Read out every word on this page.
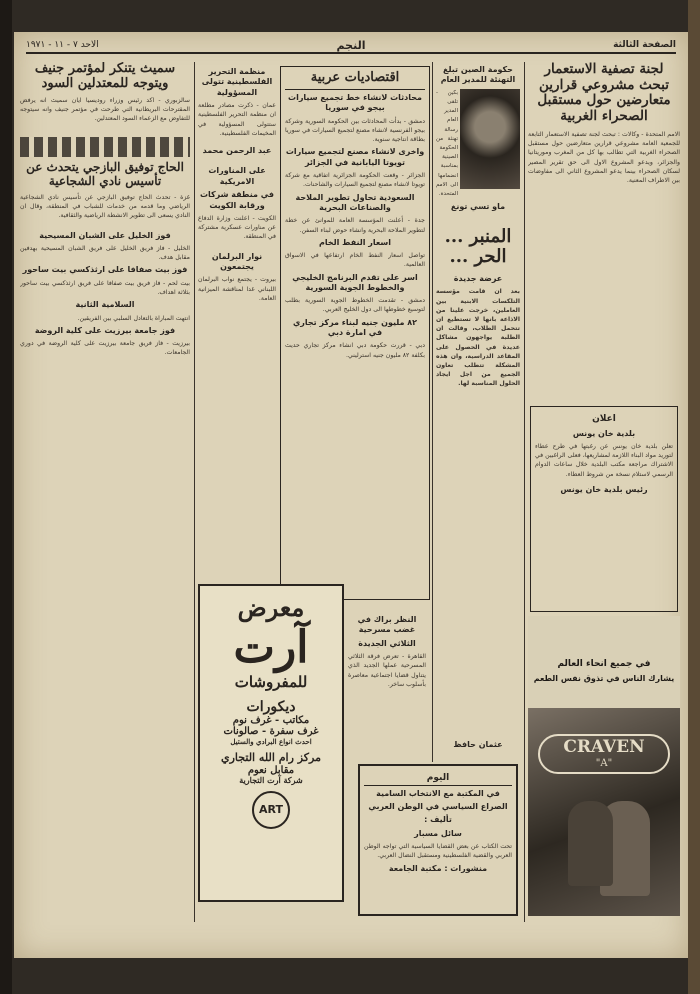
الصفحة الثالثة
النجم
الاحد ٧ - ١١ - ١٩٧١
لجنة تصفية الاستعمار تبحث مشروعي قرارين متعارضين حول مستقبل الصحراء الغربية
الامم المتحدة - وكالات : تبحث لجنة تصفية الاستعمار التابعة للجمعية العامة مشروعي قرارين متعارضين حول مستقبل الصحراء الغربية التي تطالب بها كل من المغرب وموريتانيا والجزائر، ويدعو المشروع الاول الى حق تقرير المصير لسكان الصحراء بينما يدعو المشروع الثاني الى مفاوضات بين الاطراف المعنية.
اعلان
بلدية خان يونس
تعلن بلدية خان يونس عن رغبتها في طرح عطاء لتوريد مواد البناء اللازمة لمشاريعها، فعلى الراغبين في الاشتراك مراجعة مكتب البلدية خلال ساعات الدوام الرسمي لاستلام نسخة من شروط العطاء.
رئيس بلدية خان يونس
في جميع انحاء العالم
يشارك الناس في تذوق نفس الطعم
CRAVEN
"A"
حكومة الصين تبلغ التهنئة للمدير العام
بكين - تلقى المدير العام رسالة تهنئة من الحكومة الصينية بمناسبة انضمامها الى الامم المتحدة.
ماو تسي تونغ
المنبر ... الحر ...
عرضة جديدة
بعد ان قامت مؤسسة التلكسات الابنية بين العاملين، خرجت علينا من الاذاعة بانها لا تستطيع ان تتحمل الطلاب، وقالت ان الطلبة يواجهون مشاكل عديدة في الحصول على المقاعد الدراسية، وان هذه المشكلة تتطلب تعاون الجميع من اجل ايجاد الحلول المناسبة لها.
عثمان حافظ
اقتصاديات عربية
محادثات لانشاء خط تجميع سيارات بيجو في سوريا
دمشق - بدأت المحادثات بين الحكومة السورية وشركة بيجو الفرنسية لانشاء مصنع لتجميع السيارات في سوريا بطاقة انتاجية سنوية.
واخرى لانشاء مصنع لتجميع سيارات تويوتا الیابانية في الجزائر
الجزائر - وقعت الحكومة الجزائرية اتفاقية مع شركة تويوتا لانشاء مصنع لتجميع السيارات والشاحنات.
السعودية تحاول تطوير الملاحة والصناعات البحرية
جدة - أعلنت المؤسسة العامة للموانئ عن خطة لتطوير الملاحة البحرية وانشاء حوض لبناء السفن.
اسعار النفط الخام
تواصل اسعار النفط الخام ارتفاعها في الاسواق العالمية.
اسر على تقدم البرنامج الخليجي والخطوط الجوية السورية
دمشق - تقدمت الخطوط الجوية السورية بطلب لتوسيع خطوطها الى دول الخليج العربي.
٨٢ مليون جنيه لبناء مركز تجاري في امارة دبي
دبي - قررت حكومة دبي انشاء مركز تجاري حديث بكلفة ٨٢ مليون جنيه استرليني.
النظر براك في غضب مسرحية
الثلاثي الجديدة
القاهرة - تعرض فرقة الثلاثي المسرحية عملها الجديد الذي يتناول قضايا اجتماعية معاصرة بأسلوب ساخر.
اليوم
في المكتبة مع الانتخاب السامية
الصراع السياسي في الوطن العربي
تأليف :
سائل مسبار
تحت الكتاب عن بعض القضايا السياسية التي تواجه الوطن العربي والقضية الفلسطينية ومستقبل النضال العربي.
منشورات : مكتبة الجامعة
منظمة التحرير الفلسطينية تتولى المسؤولية
عمان - ذكرت مصادر مطلعة ان منظمة التحرير الفلسطينية ستتولى المسؤولية في المخيمات الفلسطينية.
عبد الرحمن محمد
على المناورات الامريكية
في منطقة شركات ورقابة الكويت
الكويت - اعلنت وزارة الدفاع عن مناورات عسكرية مشتركة في المنطقة.
نوار البرلمان يجتمعون
بيروت - يجتمع نواب البرلمان اللبناني غدا لمناقشة الميزانية العامة.
معرض
آرت
للمفروشات
ديكورات
مكاتب - غرف نوم
غرف سفرة - صالونات
احدث انواع البرادي والستيل
مركز رام الله التجاري
مقابل نعوم
شركة آرت التجارية
ART
سميث يتنكر لمؤتمر جنيف ويتوجه للمعتدلين السود
سالزبوري - اكد رئيس وزراء روديسيا ايان سميث انه يرفض المقترحات البريطانية التي طرحت في مؤتمر جنيف وانه سيتوجه للتفاوض مع الزعماء السود المعتدلين.
الحاج توفيق البازجي يتحدث عن تأسيس نادي الشجاعية
غزة - تحدث الحاج توفيق البازجي عن تأسيس نادي الشجاعية الرياضي وما قدمه من خدمات للشباب في المنطقة، وقال ان النادي يسعى الى تطوير الانشطة الرياضية والثقافية.
فوز الخليل على الشبان المسيحية
الخليل - فاز فريق الخليل على فريق الشبان المسيحية بهدفين مقابل هدف.
فوز بيت صفافا على ارثذكسي بيت ساحور
بيت لحم - فاز فريق بيت صفافا على فريق ارثذكسي بيت ساحور بثلاثة اهداف.
السلامية الثانية
انتهت المباراة بالتعادل السلبي بين الفريقين.
فوز جامعة بيرزيت على كلية الروضة
بيرزيت - فاز فريق جامعة بيرزيت على كلية الروضة في دوري الجامعات.
